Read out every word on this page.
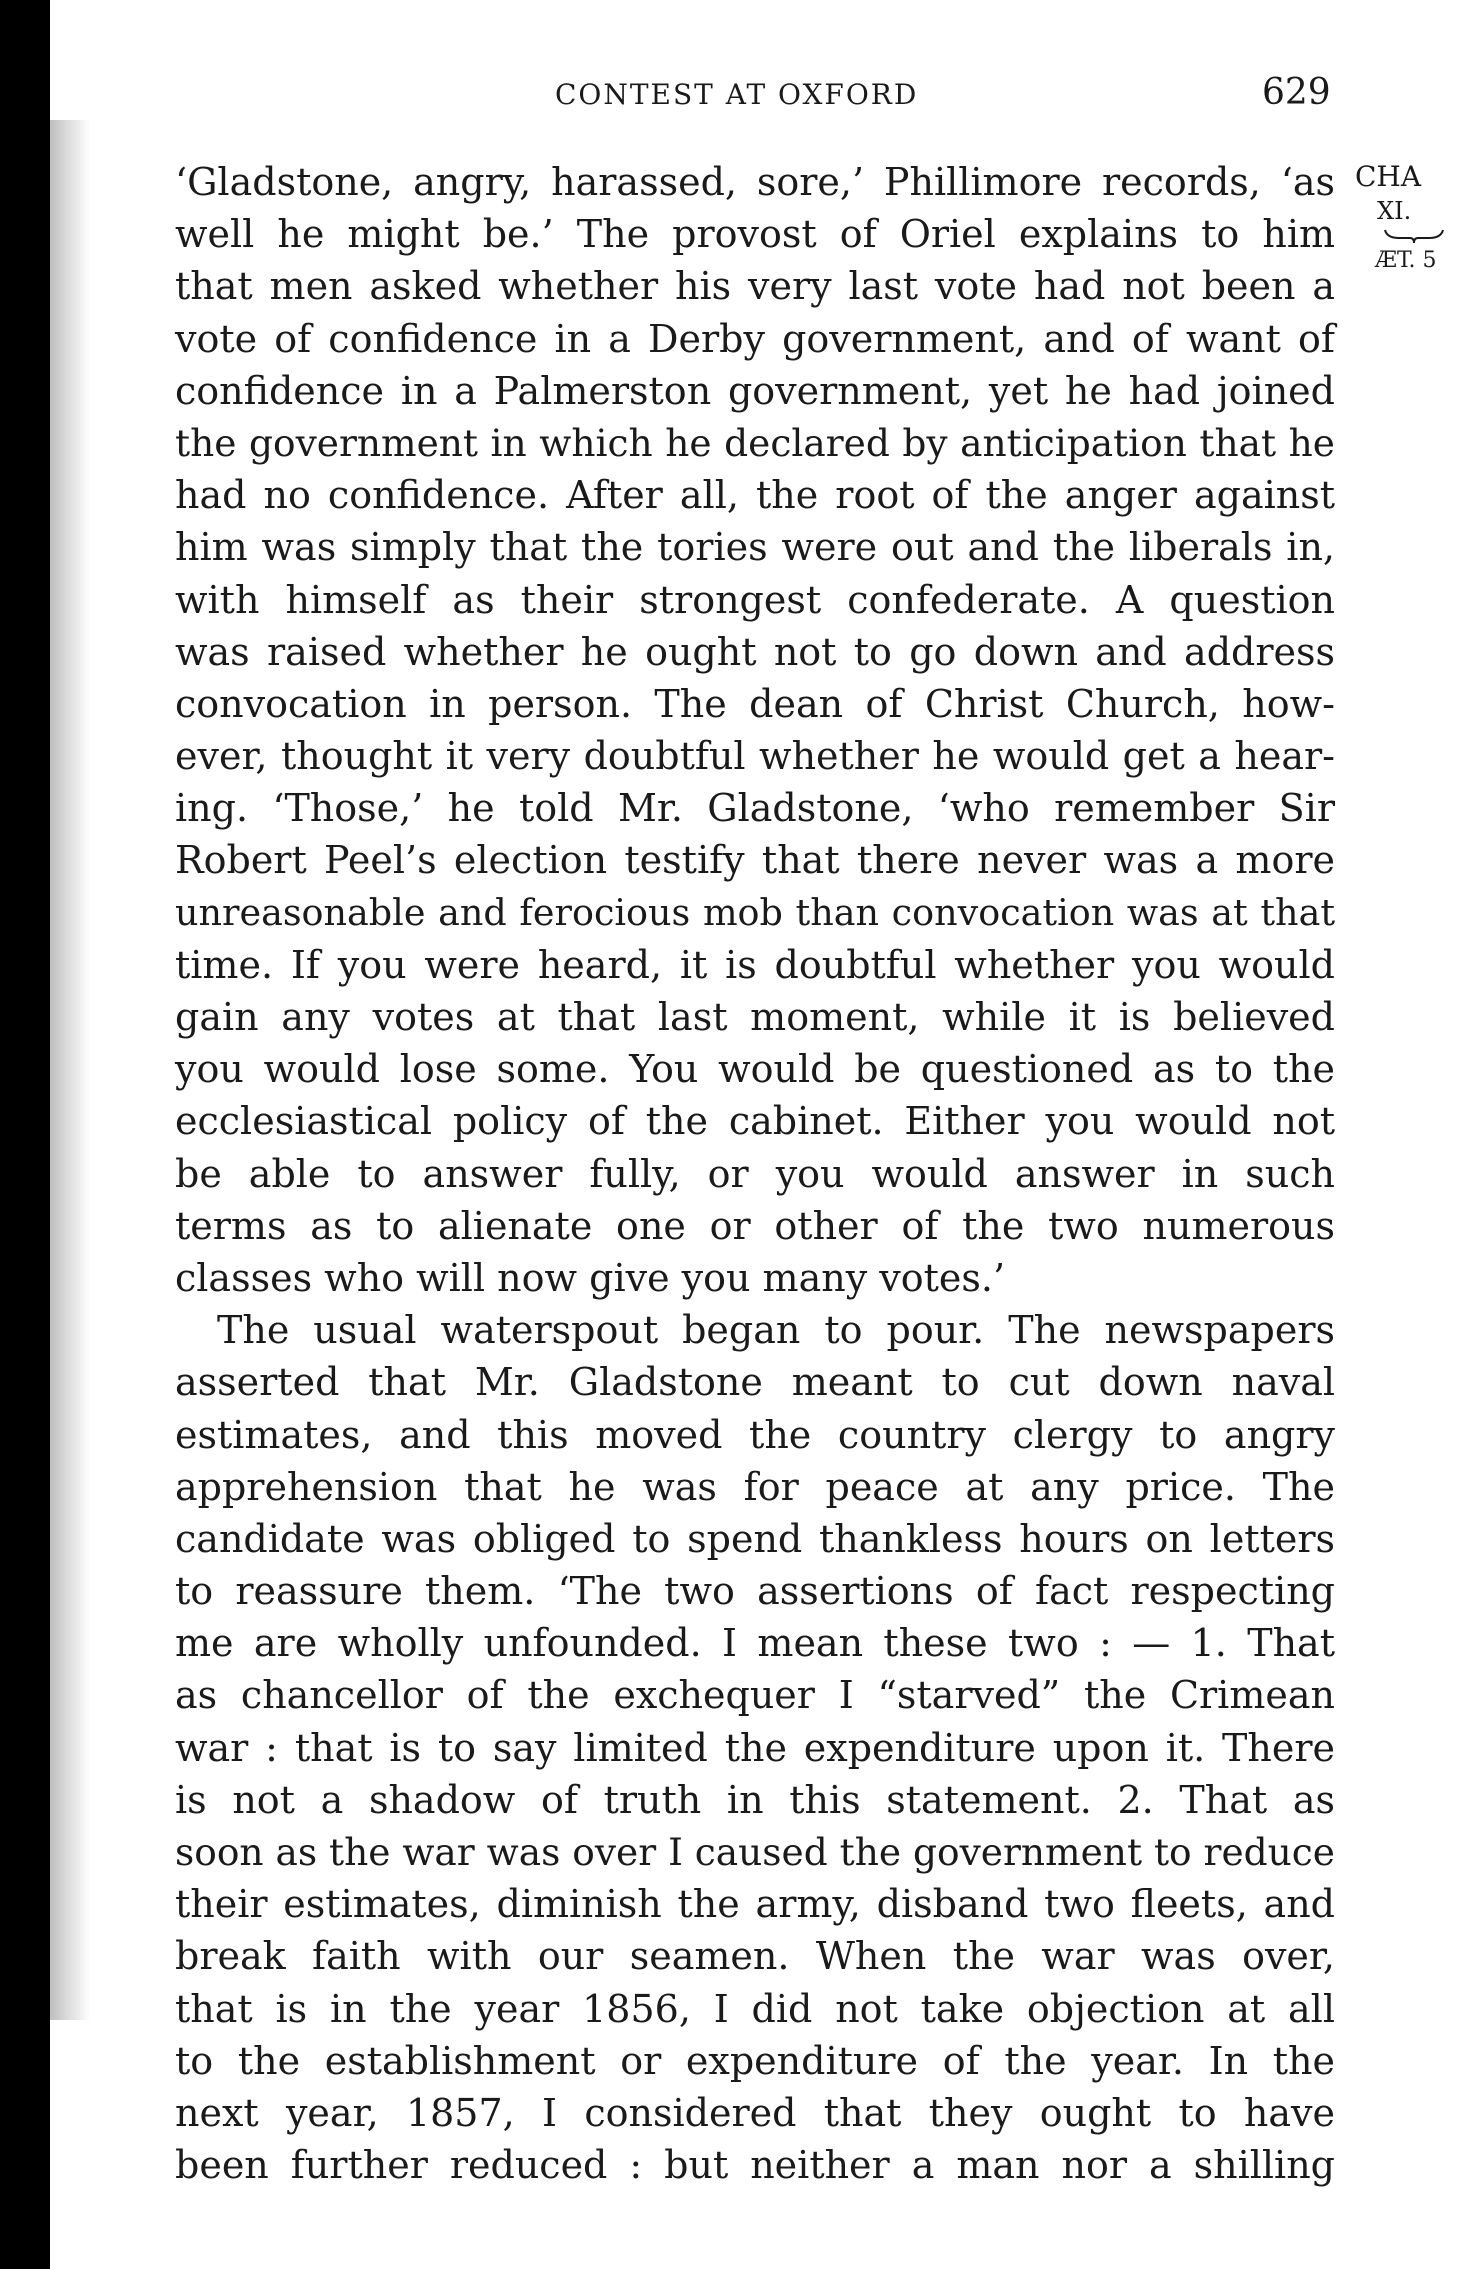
CONTEST AT OXFORD	629
CHA
XI.
ÆT. 5
‘Gladstone, angry, harassed, sore,’ Phillimore records, ‘as
well he might be.’ The provost of Oriel explains to him
that men asked whether his very last vote had not been a
vote of confidence in a Derby government, and of want of
confidence in a Palmerston government, yet he had joined
the government in which he declared by anticipation that he
had no confidence. After all, the root of the anger against
him was simply that the tories were out and the liberals in,
with himself as their strongest confederate. A question
was raised whether he ought not to go down and address
convocation in person. The dean of Christ Church, how-
ever, thought it very doubtful whether he would get a hear-
ing. ‘Those,’ he told Mr. Gladstone, ‘who remember Sir
Robert Peel’s election testify that there never was a more
unreasonable and ferocious mob than convocation was at that
time. If you were heard, it is doubtful whether you would
gain any votes at that last moment, while it is believed
you would lose some. You would be questioned as to the
ecclesiastical policy of the cabinet. Either you would not
be able to answer fully, or you would answer in such
terms as to alienate one or other of the two numerous
classes who will now give you many votes.’
The usual waterspout began to pour. The newspapers
asserted that Mr. Gladstone meant to cut down naval
estimates, and this moved the country clergy to angry
apprehension that he was for peace at any price. The
candidate was obliged to spend thankless hours on letters
to reassure them. ‘The two assertions of fact respecting
me are wholly unfounded. I mean these two : — 1. That
as chancellor of the exchequer I “starved” the Crimean
war : that is to say limited the expenditure upon it. There
is not a shadow of truth in this statement. 2. That as
soon as the war was over I caused the government to reduce
their estimates, diminish the army, disband two fleets, and
break faith with our seamen. When the war was over,
that is in the year 1856, I did not take objection at all
to the establishment or expenditure of the year. In the
next year, 1857, I considered that they ought to have
been further reduced : but neither a man nor a shilling
